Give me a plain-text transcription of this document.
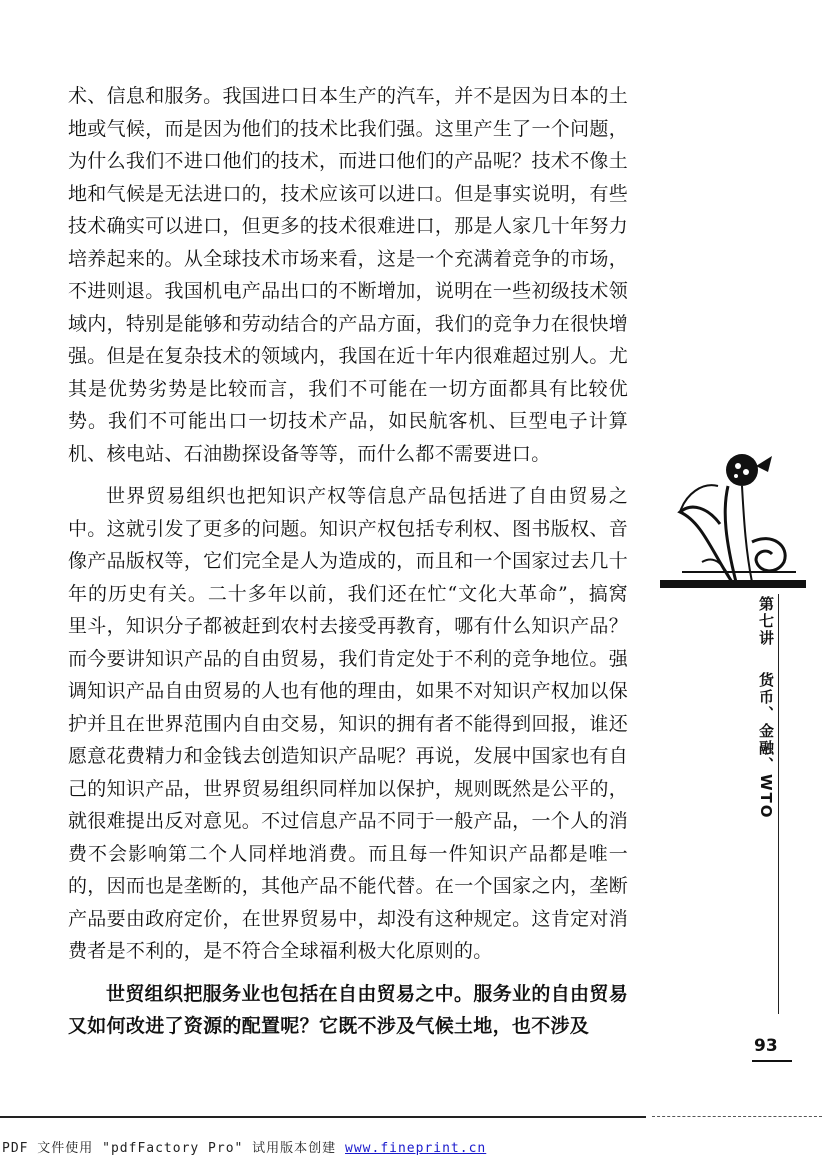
术、信息和服务。我国进口日本生产的汽车，并不是因为日本的土地或气候，而是因为他们的技术比我们强。这里产生了一个问题，为什么我们不进口他们的技术，而进口他们的产品呢？技术不像土地和气候是无法进口的，技术应该可以进口。但是事实说明，有些技术确实可以进口，但更多的技术很难进口，那是人家几十年努力培养起来的。从全球技术市场来看，这是一个充满着竞争的市场，不进则退。我国机电产品出口的不断增加，说明在一些初级技术领域内，特别是能够和劳动结合的产品方面，我们的竞争力在很快增强。但是在复杂技术的领域内，我国在近十年内很难超过别人。尤其是优势劣势是比较而言，我们不可能在一切方面都具有比较优势。我们不可能出口一切技术产品，如民航客机、巨型电子计算机、核电站、石油勘探设备等等，而什么都不需要进口。

世界贸易组织也把知识产权等信息产品包括进了自由贸易之中。这就引发了更多的问题。知识产权包括专利权、图书版权、音像产品版权等，它们完全是人为造成的，而且和一个国家过去几十年的历史有关。二十多年以前，我们还在忙“文化大革命”，搞窝里斗，知识分子都被赶到农村去接受再教育，哪有什么知识产品？而今要讲知识产品的自由贸易，我们肯定处于不利的竞争地位。强调知识产品自由贸易的人也有他的理由，如果不对知识产权加以保护并且在世界范围内自由交易，知识的拥有者不能得到回报，谁还愿意花费精力和金钱去创造知识产品呢？再说，发展中国家也有自己的知识产品，世界贸易组织同样加以保护，规则既然是公平的，就很难提出反对意见。不过信息产品不同于一般产品，一个人的消费不会影响第二个人同样地消费。而且每一件知识产品都是唯一的，因而也是垄断的，其他产品不能代替。在一个国家之内，垄断产品要由政府定价，在世界贸易中，却没有这种规定。这肯定对消费者是不利的，是不符合全球福利极大化原则的。

世贸组织把服务业也包括在自由贸易之中。服务业的自由贸易又如何改进了资源的配置呢？它既不涉及气候土地，也不涉及

第七讲
货币、金融、WTO
93
PDF 文件使用 "pdfFactory Pro" 试用版本创建 www.fineprint.cn
